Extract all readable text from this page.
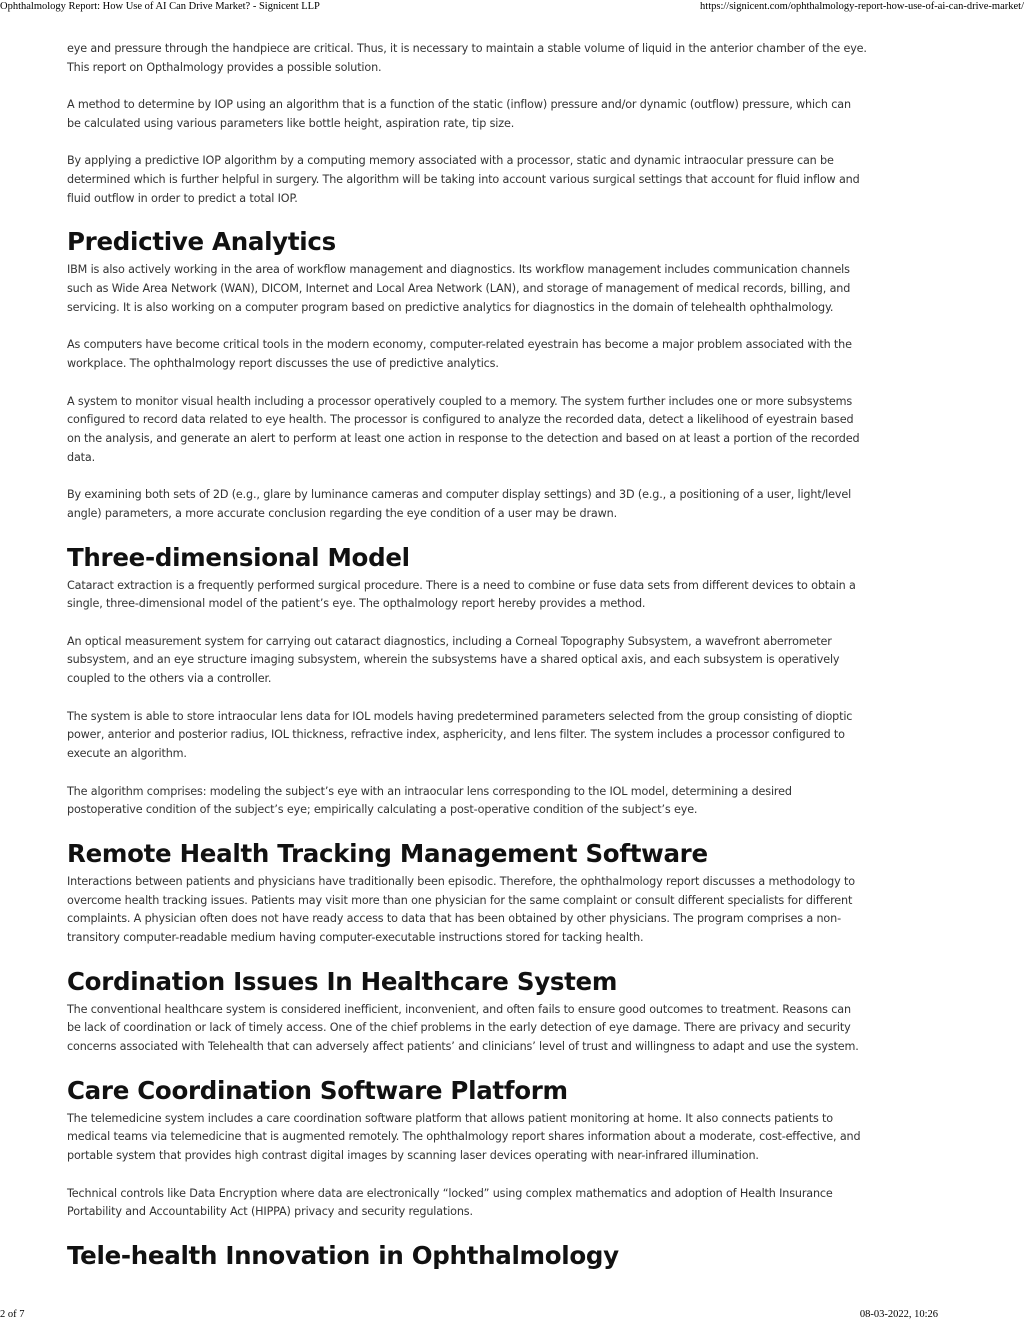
Ophthalmology Report: How Use of AI Can Drive Market? - Signicent LLP	https://signicent.com/ophthalmology-report-how-use-of-ai-can-drive-market/

eye and pressure through the handpiece are critical. Thus, it is necessary to maintain a stable volume of liquid in the anterior chamber of the eye. This report on Opthalmology provides a possible solution.

A method to determine by IOP using an algorithm that is a function of the static (inflow) pressure and/or dynamic (outflow) pressure, which can be calculated using various parameters like bottle height, aspiration rate, tip size.

By applying a predictive IOP algorithm by a computing memory associated with a processor, static and dynamic intraocular pressure can be determined which is further helpful in surgery. The algorithm will be taking into account various surgical settings that account for fluid inflow and fluid outflow in order to predict a total IOP.

Predictive Analytics

IBM is also actively working in the area of workflow management and diagnostics. Its workflow management includes communication channels such as Wide Area Network (WAN), DICOM, Internet and Local Area Network (LAN), and storage of management of medical records, billing, and servicing. It is also working on a computer program based on predictive analytics for diagnostics in the domain of telehealth ophthalmology.

As computers have become critical tools in the modern economy, computer-related eyestrain has become a major problem associated with the workplace. The ophthalmology report discusses the use of predictive analytics.

A system to monitor visual health including a processor operatively coupled to a memory. The system further includes one or more subsystems configured to record data related to eye health. The processor is configured to analyze the recorded data, detect a likelihood of eyestrain based on the analysis, and generate an alert to perform at least one action in response to the detection and based on at least a portion of the recorded data.

By examining both sets of 2D (e.g., glare by luminance cameras and computer display settings) and 3D (e.g., a positioning of a user, light/level angle) parameters, a more accurate conclusion regarding the eye condition of a user may be drawn.

Three-dimensional Model

Cataract extraction is a frequently performed surgical procedure. There is a need to combine or fuse data sets from different devices to obtain a single, three-dimensional model of the patient’s eye. The opthalmology report hereby provides a method.

An optical measurement system for carrying out cataract diagnostics, including a Corneal Topography Subsystem, a wavefront aberrometer subsystem, and an eye structure imaging subsystem, wherein the subsystems have a shared optical axis, and each subsystem is operatively coupled to the others via a controller.

The system is able to store intraocular lens data for IOL models having predetermined parameters selected from the group consisting of dioptic power, anterior and posterior radius, IOL thickness, refractive index, asphericity, and lens filter. The system includes a processor configured to execute an algorithm.

The algorithm comprises: modeling the subject’s eye with an intraocular lens corresponding to the IOL model, determining a desired postoperative condition of the subject’s eye; empirically calculating a post-operative condition of the subject’s eye.

Remote Health Tracking Management Software

Interactions between patients and physicians have traditionally been episodic. Therefore, the ophthalmology report discusses a methodology to overcome health tracking issues. Patients may visit more than one physician for the same complaint or consult different specialists for different complaints. A physician often does not have ready access to data that has been obtained by other physicians. The program comprises a non-transitory computer-readable medium having computer-executable instructions stored for tacking health.

Cordination Issues In Healthcare System

The conventional healthcare system is considered inefficient, inconvenient, and often fails to ensure good outcomes to treatment. Reasons can be lack of coordination or lack of timely access. One of the chief problems in the early detection of eye damage. There are privacy and security concerns associated with Telehealth that can adversely affect patients’ and clinicians’ level of trust and willingness to adapt and use the system.

Care Coordination Software Platform

The telemedicine system includes a care coordination software platform that allows patient monitoring at home. It also connects patients to medical teams via telemedicine that is augmented remotely. The ophthalmology report shares information about a moderate, cost-effective, and portable system that provides high contrast digital images by scanning laser devices operating with near-infrared illumination.

Technical controls like Data Encryption where data are electronically “locked” using complex mathematics and adoption of Health Insurance Portability and Accountability Act (HIPPA) privacy and security regulations.

Tele-health Innovation in Ophthalmology
2 of 7	08-03-2022, 10:26
